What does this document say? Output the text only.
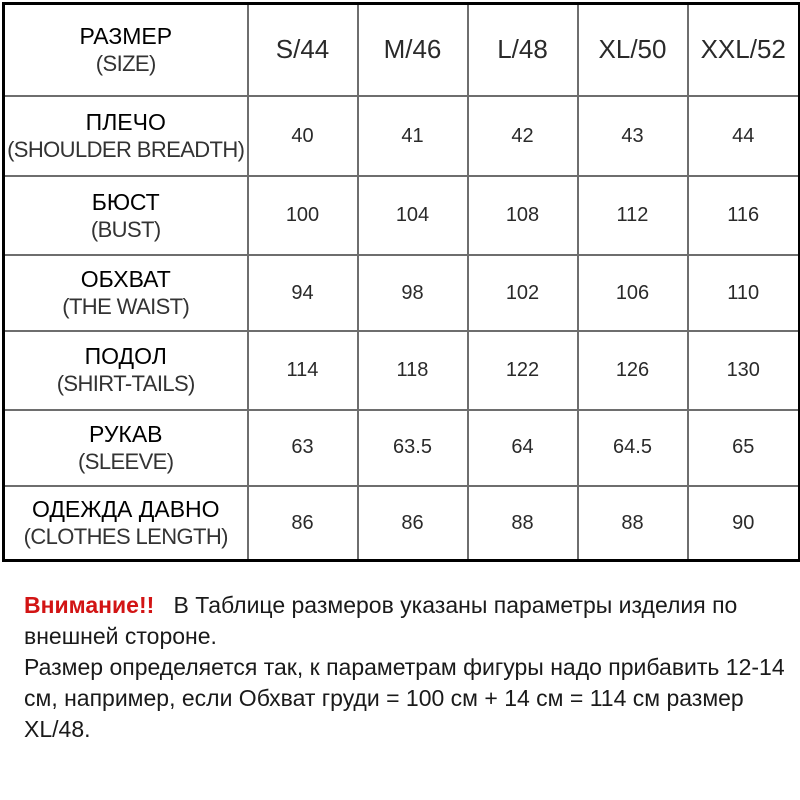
РАЗМЕР
(SIZE)	S/44	M/46	L/48	XL/50	XXL/52

ПЛЕЧО
(SHOULDER BREADTH)	40	41	42	43	44

БЮСТ
(BUST)	100	104	108	112	116

ОБХВАТ
(THE WAIST)	94	98	102	106	110

ПОДОЛ
(SHIRT-TAILS)	114	118	122	126	130

РУКАВ
(SLEEVE)	63	63.5	64	64.5	65

ОДЕЖДА ДАВНО
(CLOTHES LENGTH)	86	86	88	88	90

Внимание!! В Таблице размеров указаны параметры изделия по внешней стороне.

Размер определяется так, к параметрам фигуры надо прибавить 12-14 см, например, если Обхват груди = 100 см + 14 см = 114 см размер XL/48.
